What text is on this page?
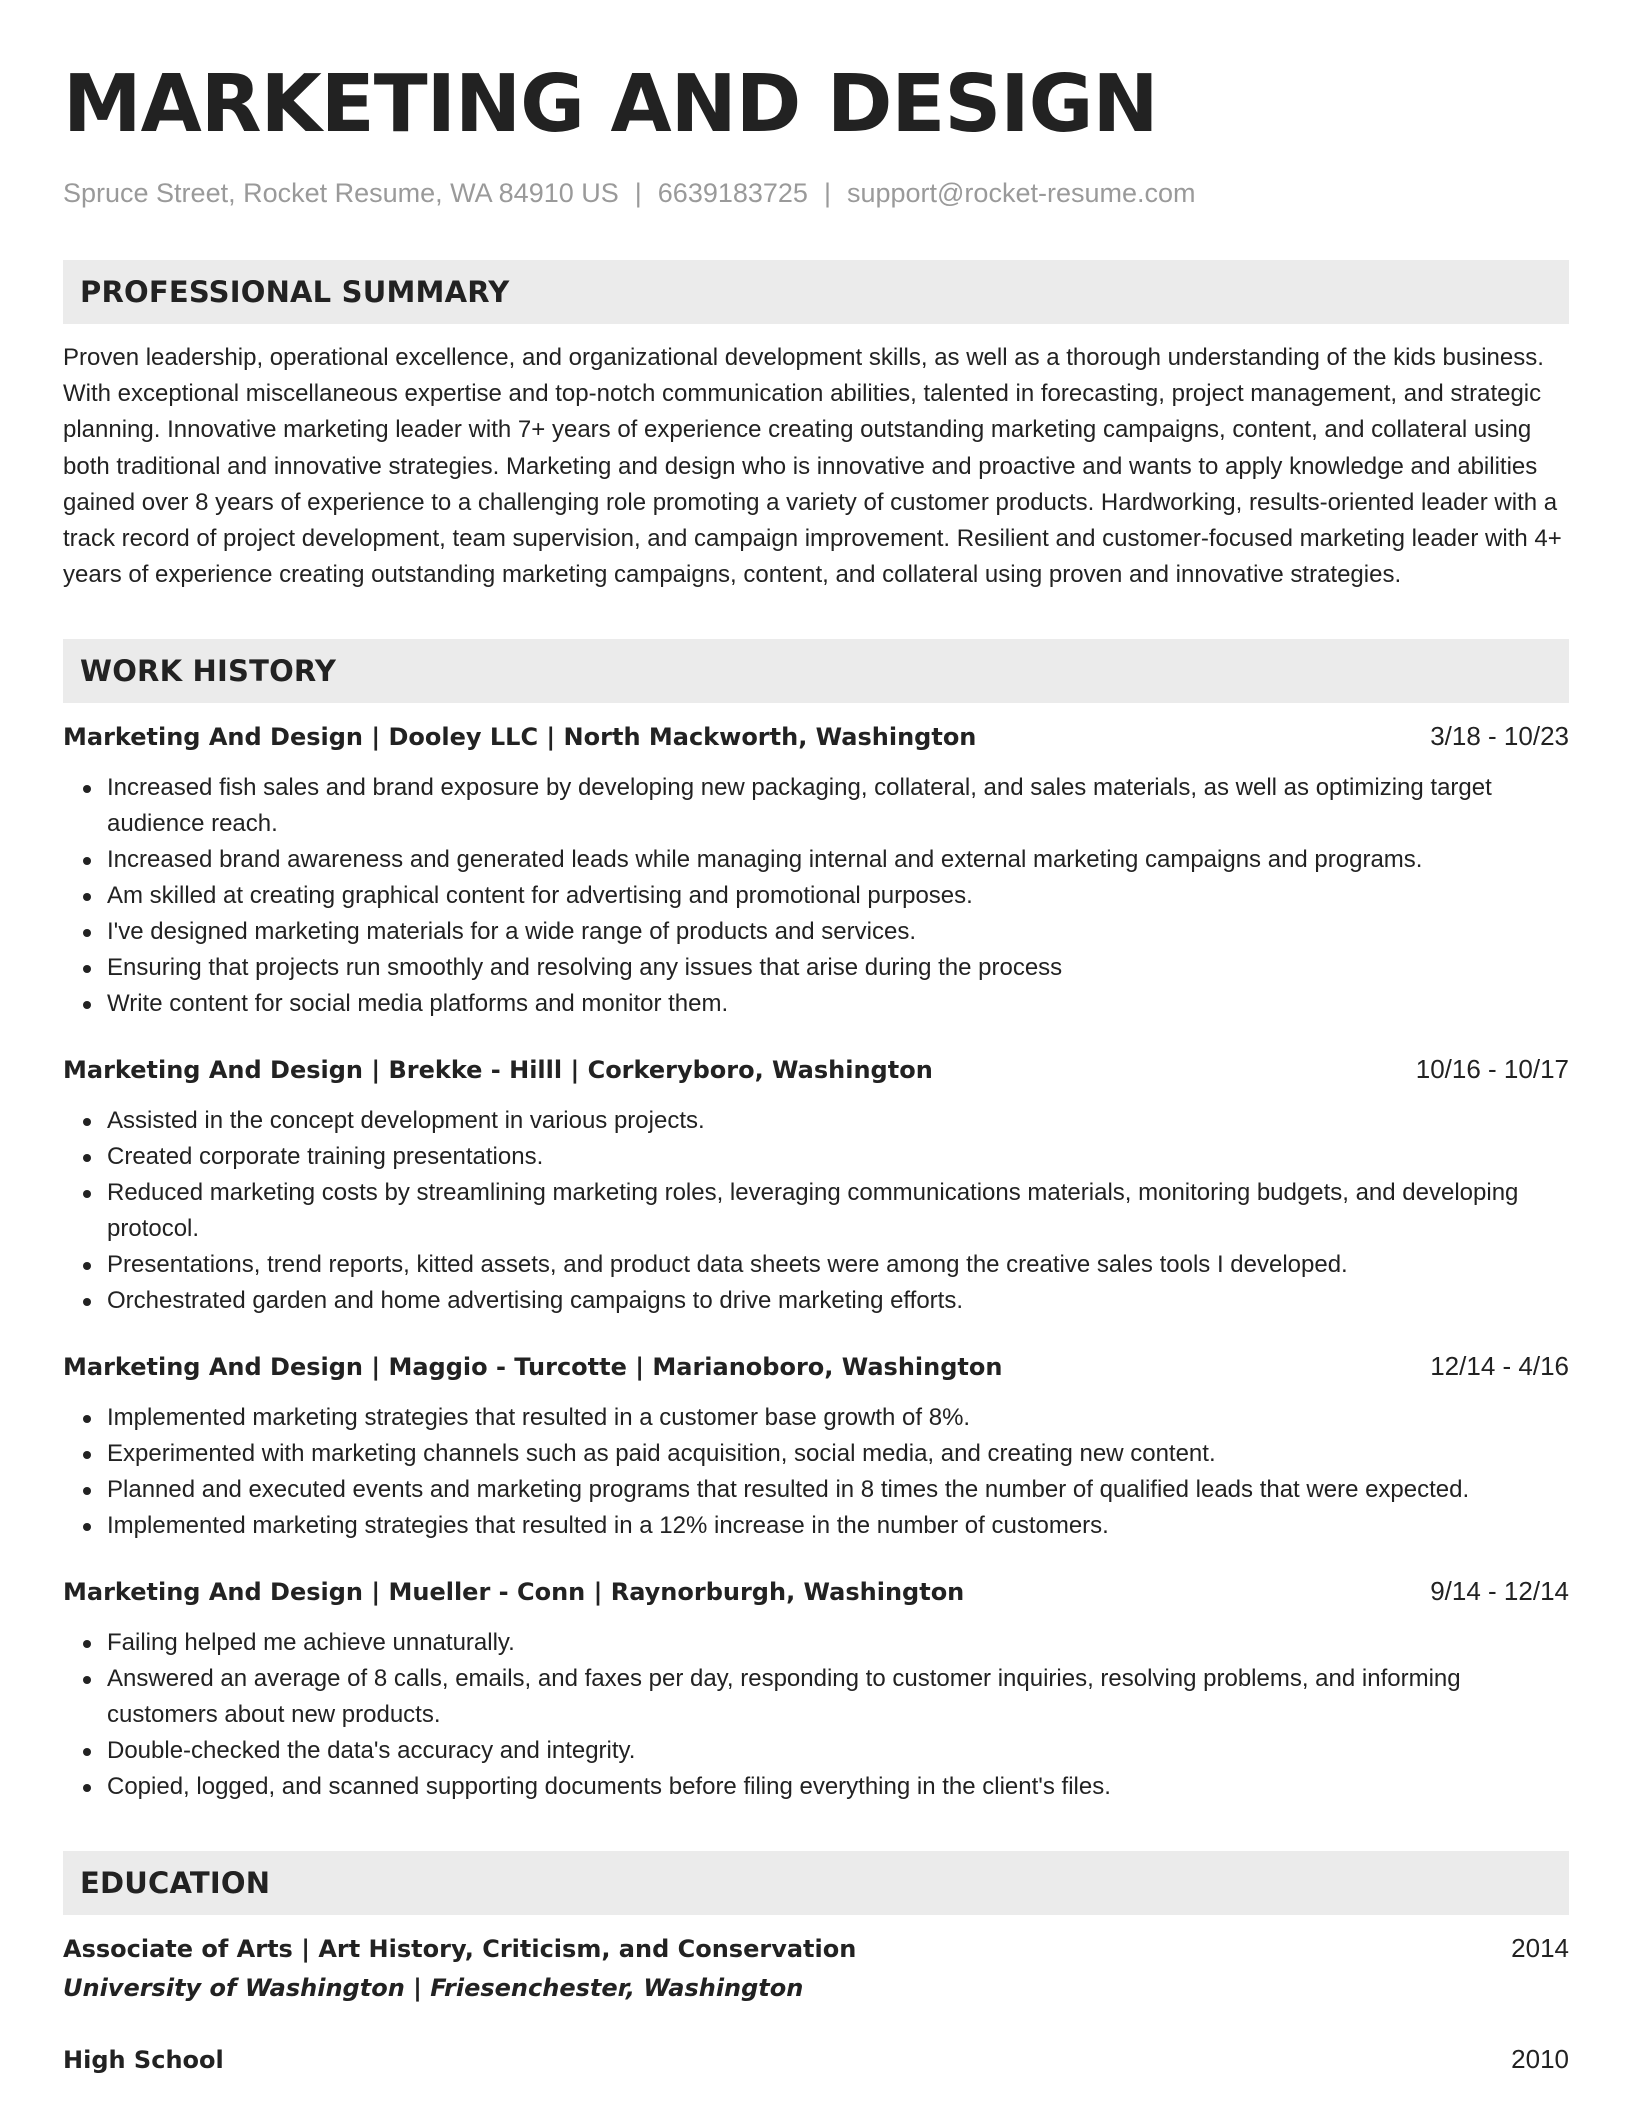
MARKETING AND DESIGN
Spruce Street, Rocket Resume, WA 84910 US | 6639183725 | support@rocket-resume.com
PROFESSIONAL SUMMARY
Proven leadership, operational excellence, and organizational development skills, as well as a thorough understanding of the kids business. With exceptional miscellaneous expertise and top-notch communication abilities, talented in forecasting, project management, and strategic planning. Innovative marketing leader with 7+ years of experience creating outstanding marketing campaigns, content, and collateral using both traditional and innovative strategies. Marketing and design who is innovative and proactive and wants to apply knowledge and abilities gained over 8 years of experience to a challenging role promoting a variety of customer products. Hardworking, results-oriented leader with a track record of project development, team supervision, and campaign improvement. Resilient and customer-focused marketing leader with 4+ years of experience creating outstanding marketing campaigns, content, and collateral using proven and innovative strategies.
WORK HISTORY
Marketing And Design | Dooley LLC | North Mackworth, Washington	3/18 - 10/23
Increased fish sales and brand exposure by developing new packaging, collateral, and sales materials, as well as optimizing target audience reach.
Increased brand awareness and generated leads while managing internal and external marketing campaigns and programs.
Am skilled at creating graphical content for advertising and promotional purposes.
I've designed marketing materials for a wide range of products and services.
Ensuring that projects run smoothly and resolving any issues that arise during the process
Write content for social media platforms and monitor them.
Marketing And Design | Brekke - Hilll | Corkeryboro, Washington	10/16 - 10/17
Assisted in the concept development in various projects.
Created corporate training presentations.
Reduced marketing costs by streamlining marketing roles, leveraging communications materials, monitoring budgets, and developing protocol.
Presentations, trend reports, kitted assets, and product data sheets were among the creative sales tools I developed.
Orchestrated garden and home advertising campaigns to drive marketing efforts.
Marketing And Design | Maggio - Turcotte | Marianoboro, Washington	12/14 - 4/16
Implemented marketing strategies that resulted in a customer base growth of 8%.
Experimented with marketing channels such as paid acquisition, social media, and creating new content.
Planned and executed events and marketing programs that resulted in 8 times the number of qualified leads that were expected.
Implemented marketing strategies that resulted in a 12% increase in the number of customers.
Marketing And Design | Mueller - Conn | Raynorburgh, Washington	9/14 - 12/14
Failing helped me achieve unnaturally.
Answered an average of 8 calls, emails, and faxes per day, responding to customer inquiries, resolving problems, and informing customers about new products.
Double-checked the data's accuracy and integrity.
Copied, logged, and scanned supporting documents before filing everything in the client's files.
EDUCATION
Associate of Arts | Art History, Criticism, and Conservation	2014
University of Washington | Friesenchester, Washington
High School	2010
